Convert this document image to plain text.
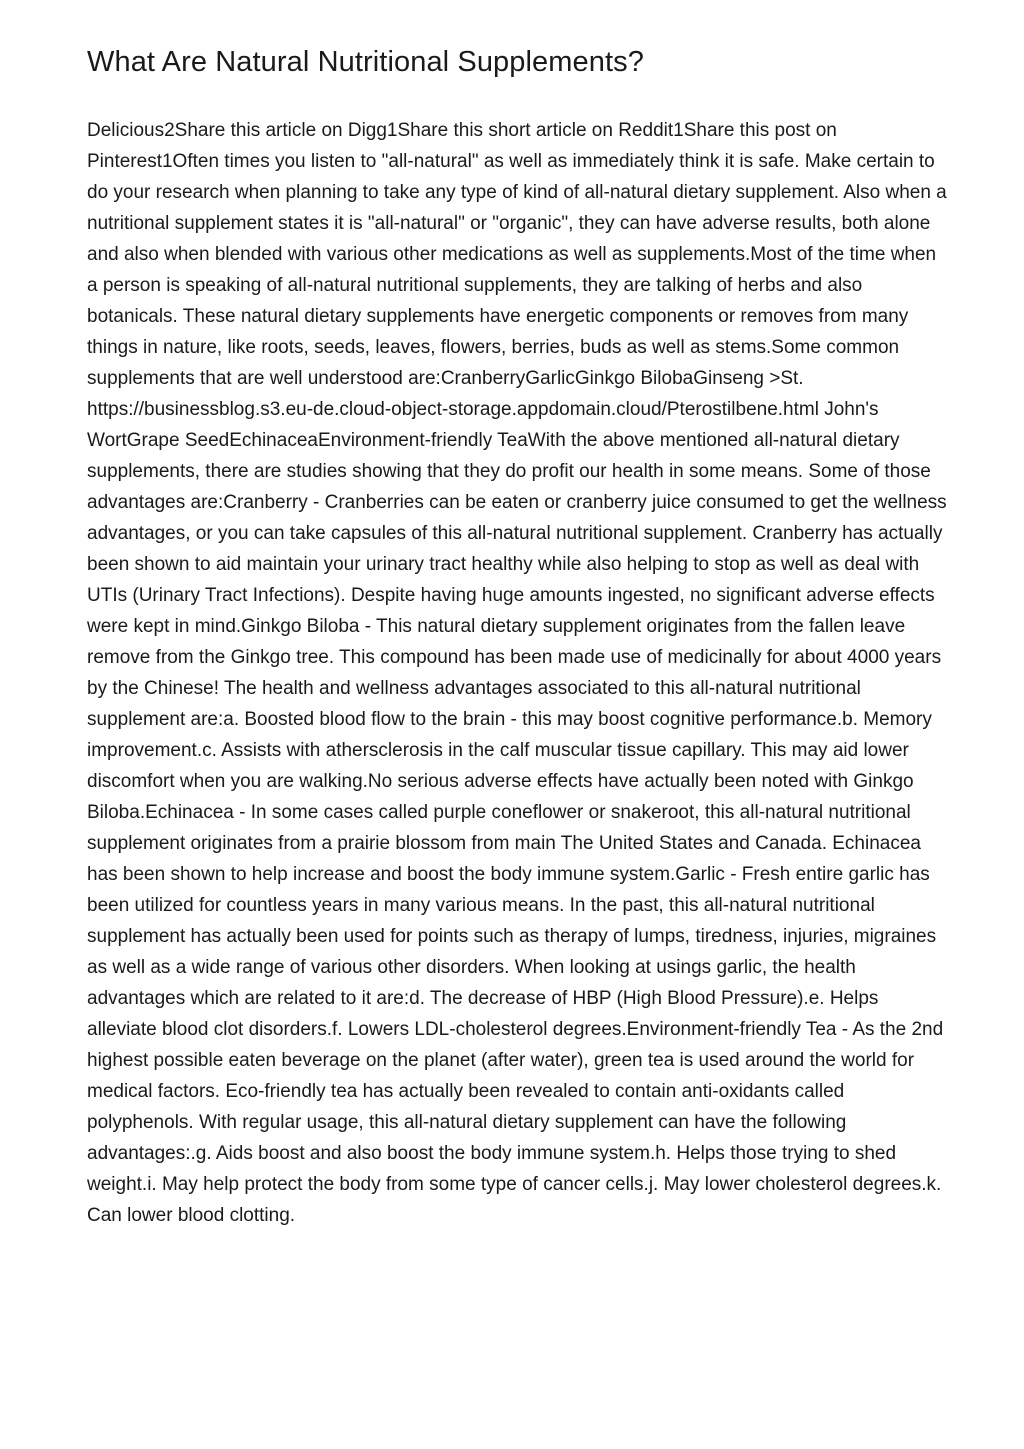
What Are Natural Nutritional Supplements?

Delicious2Share this article on Digg1Share this short article on Reddit1Share this post on Pinterest1Often times you listen to "all-natural" as well as immediately think it is safe. Make certain to do your research when planning to take any type of kind of all-natural dietary supplement. Also when a nutritional supplement states it is "all-natural" or "organic", they can have adverse results, both alone and also when blended with various other medications as well as supplements.Most of the time when a person is speaking of all-natural nutritional supplements, they are talking of herbs and also botanicals. These natural dietary supplements have energetic components or removes from many things in nature, like roots, seeds, leaves, flowers, berries, buds as well as stems.Some common supplements that are well understood are:CranberryGarlicGinkgo BilobaGinseng >St. https://businessblog.s3.eu-de.cloud-object-storage.appdomain.cloud/Pterostilbene.html John's WortGrape SeedEchinaceaEnvironment-friendly TeaWith the above mentioned all-natural dietary supplements, there are studies showing that they do profit our health in some means. Some of those advantages are:Cranberry - Cranberries can be eaten or cranberry juice consumed to get the wellness advantages, or you can take capsules of this all-natural nutritional supplement. Cranberry has actually been shown to aid maintain your urinary tract healthy while also helping to stop as well as deal with UTIs (Urinary Tract Infections). Despite having huge amounts ingested, no significant adverse effects were kept in mind.Ginkgo Biloba - This natural dietary supplement originates from the fallen leave remove from the Ginkgo tree. This compound has been made use of medicinally for about 4000 years by the Chinese! The health and wellness advantages associated to this all-natural nutritional supplement are:a. Boosted blood flow to the brain - this may boost cognitive performance.b. Memory improvement.c. Assists with athersclerosis in the calf muscular tissue capillary. This may aid lower discomfort when you are walking.No serious adverse effects have actually been noted with Ginkgo Biloba.Echinacea - In some cases called purple coneflower or snakeroot, this all-natural nutritional supplement originates from a prairie blossom from main The United States and Canada. Echinacea has been shown to help increase and boost the body immune system.Garlic - Fresh entire garlic has been utilized for countless years in many various means. In the past, this all-natural nutritional supplement has actually been used for points such as therapy of lumps, tiredness, injuries, migraines as well as a wide range of various other disorders. When looking at usings garlic, the health advantages which are related to it are:d. The decrease of HBP (High Blood Pressure).e. Helps alleviate blood clot disorders.f. Lowers LDL-cholesterol degrees.Environment-friendly Tea - As the 2nd highest possible eaten beverage on the planet (after water), green tea is used around the world for medical factors. Eco-friendly tea has actually been revealed to contain anti-oxidants called polyphenols. With regular usage, this all-natural dietary supplement can have the following advantages:.g. Aids boost and also boost the body immune system.h. Helps those trying to shed weight.i. May help protect the body from some type of cancer cells.j. May lower cholesterol degrees.k. Can lower blood clotting.
